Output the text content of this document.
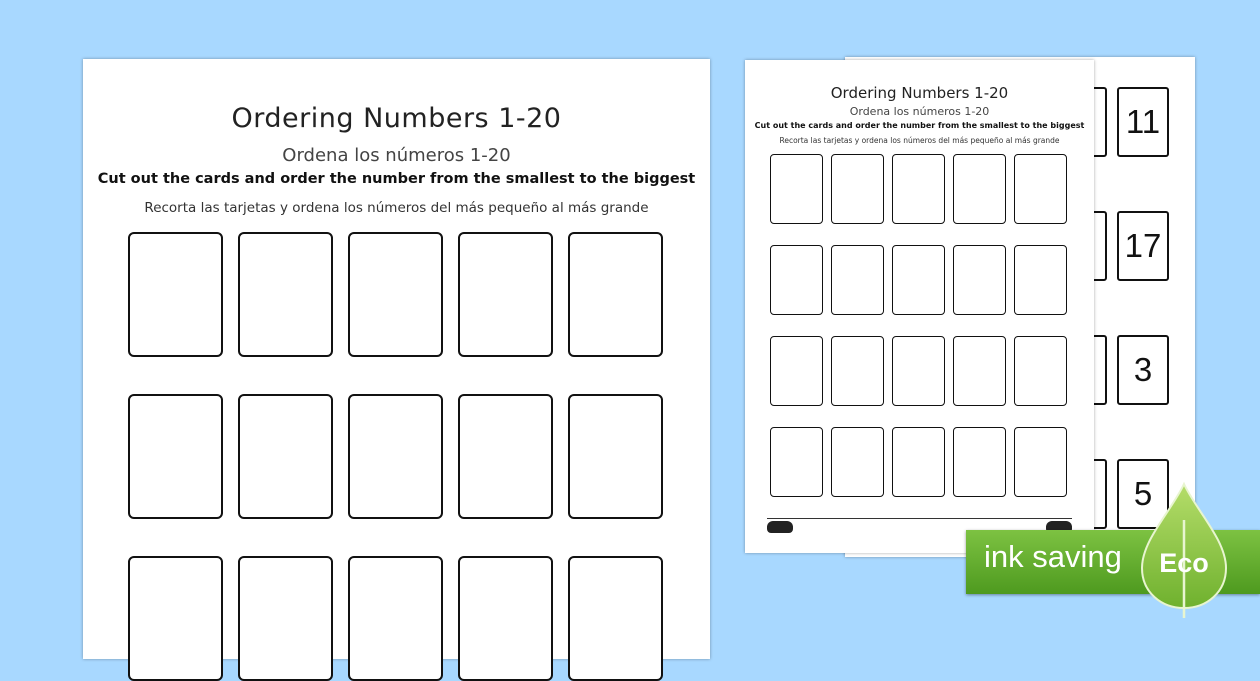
11
17
3
5
Ordering Numbers 1-20
Ordena los números 1-20
Cut out the cards and order the number from the smallest to the biggest
Recorta las tarjetas y ordena los números del más pequeño al más grande
Ordering Numbers 1-20
Ordena los números 1-20
Cut out the cards and order the number from the smallest to the biggest
Recorta las tarjetas y ordena los números del más pequeño al más grande
ink saving Eco
